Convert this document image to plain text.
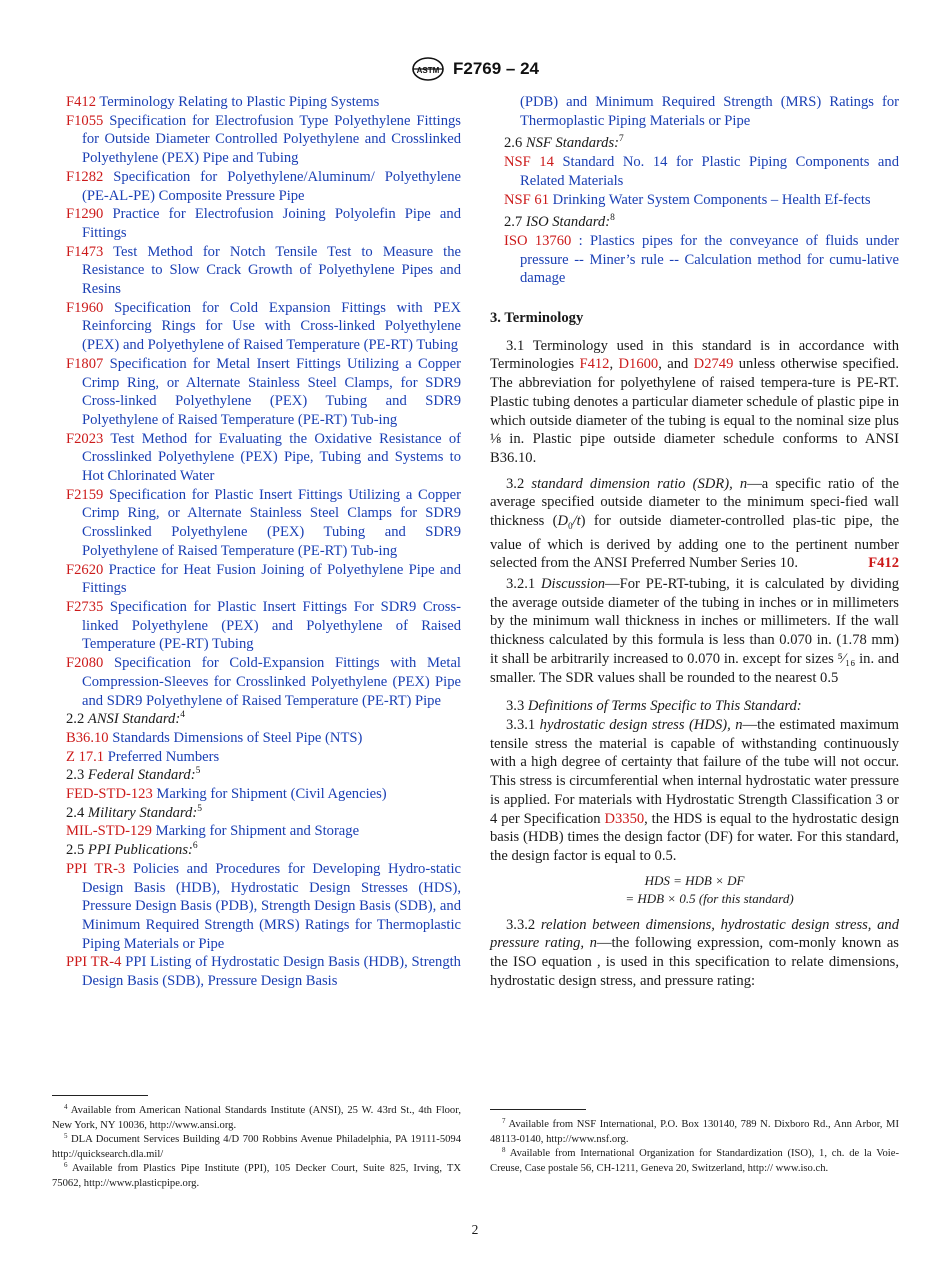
ASTM F2769 – 24

F412 Terminology Relating to Plastic Piping Systems

F1055 Specification for Electrofusion Type Polyethylene Fittings for Outside Diameter Controlled Polyethylene and Crosslinked Polyethylene (PEX) Pipe and Tubing

F1282 Specification for Polyethylene/Aluminum/ Polyethylene (PE-AL-PE) Composite Pressure Pipe

F1290 Practice for Electrofusion Joining Polyolefin Pipe and Fittings

F1473 Test Method for Notch Tensile Test to Measure the Resistance to Slow Crack Growth of Polyethylene Pipes and Resins

F1960 Specification for Cold Expansion Fittings with PEX Reinforcing Rings for Use with Cross-linked Polyethylene (PEX) and Polyethylene of Raised Temperature (PE-RT) Tubing

F1807 Specification for Metal Insert Fittings Utilizing a Copper Crimp Ring, or Alternate Stainless Steel Clamps, for SDR9 Cross-linked Polyethylene (PEX) Tubing and SDR9 Polyethylene of Raised Temperature (PE-RT) Tub-ing

F2023 Test Method for Evaluating the Oxidative Resistance of Crosslinked Polyethylene (PEX) Pipe, Tubing and Systems to Hot Chlorinated Water

F2159 Specification for Plastic Insert Fittings Utilizing a Copper Crimp Ring, or Alternate Stainless Steel Clamps for SDR9 Crosslinked Polyethylene (PEX) Tubing and SDR9 Polyethylene of Raised Temperature (PE-RT) Tub-ing

F2620 Practice for Heat Fusion Joining of Polyethylene Pipe and Fittings

F2735 Specification for Plastic Insert Fittings For SDR9 Cross-linked Polyethylene (PEX) and Polyethylene of Raised Temperature (PE-RT) Tubing

F2080 Specification for Cold-Expansion Fittings with Metal Compression-Sleeves for Crosslinked Polyethylene (PEX) Pipe and SDR9 Polyethylene of Raised Temperature (PE-RT) Pipe

2.2 ANSI Standard:$^4$

B36.10 Standards Dimensions of Steel Pipe (NTS)

Z 17.1 Preferred Numbers

2.3 Federal Standard:$^5$

FED-STD-123 Marking for Shipment (Civil Agencies)

2.4 Military Standard:$^5$

MIL-STD-129 Marking for Shipment and Storage

2.5 PPI Publications:$^6$

PPI TR-3 Policies and Procedures for Developing Hydro-static Design Basis (HDB), Hydrostatic Design Stresses (HDS), Pressure Design Basis (PDB), Strength Design Basis (SDB), and Minimum Required Strength (MRS) Ratings for Thermoplastic Piping Materials or Pipe

PPI TR-4 PPI Listing of Hydrostatic Design Basis (HDB), Strength Design Basis (SDB), Pressure Design Basis

(PDB) and Minimum Required Strength (MRS) Ratings for Thermoplastic Piping Materials or Pipe

2.6 NSF Standards:$^7$

NSF 14 Standard No. 14 for Plastic Piping Components and Related Materials

NSF 61 Drinking Water System Components – Health Ef-fects

2.7 ISO Standard:$^8$

ISO 13760 : Plastics pipes for the conveyance of fluids under pressure -- Miner’s rule -- Calculation method for cumu-lative damage

3. Terminology

3.1 Terminology used in this standard is in accordance with Terminologies F412, D1600, and D2749 unless otherwise specified. The abbreviation for polyethylene of raised tempera-ture is PE-RT. Plastic tubing denotes a particular diameter schedule of plastic pipe in which outside diameter of the tubing is equal to the nominal size plus ⅛ in. Plastic pipe outside diameter schedule conforms to ANSI B36.10.

3.2 standard dimension ratio (SDR), n—a specific ratio of the average specified outside diameter to the minimum speci-fied wall thickness $(D_0/t)$ for outside diameter-controlled plas-tic pipe, the value of which is derived by adding one to the pertinent number selected from the ANSI Preferred Number Series 10.	F412

3.2.1 Discussion—For PE-RT-tubing, it is calculated by dividing the average outside diameter of the tubing in inches or in millimeters by the minimum wall thickness in inches or millimeters. If the wall thickness calculated by this formula is less than 0.070 in. (1.78 mm) it shall be arbitrarily increased to 0.070 in. except for sizes ⁵⁄₁₆ in. and smaller. The SDR values shall be rounded to the nearest 0.5

3.3 Definitions of Terms Specific to This Standard:

3.3.1 hydrostatic design stress (HDS), n—the estimated maximum tensile stress the material is capable of withstanding continuously with a high degree of certainty that failure of the tube will not occur. This stress is circumferential when internal hydrostatic water pressure is applied. For materials with Hydrostatic Strength Classification 3 or 4 per Specification D3350, the HDS is equal to the hydrostatic design basis (HDB) times the design factor (DF) for water. For this standard, the design factor is equal to 0.5.

HDS = HDB × DF
= HDB × 0.5 (for this standard)

3.3.2 relation between dimensions, hydrostatic design stress, and pressure rating, n—the following expression, com-monly known as the ISO equation , is used in this specification to relate dimensions, hydrostatic design stress, and pressure rating:

$^4$ Available from American National Standards Institute (ANSI), 25 W. 43rd St., 4th Floor, New York, NY 10036, http://www.ansi.org.

$^5$ DLA Document Services Building 4/D 700 Robbins Avenue Philadelphia, PA 19111-5094 http://quicksearch.dla.mil/

$^6$ Available from Plastics Pipe Institute (PPI), 105 Decker Court, Suite 825, Irving, TX 75062, http://www.plasticpipe.org.

$^7$ Available from NSF International, P.O. Box 130140, 789 N. Dixboro Rd., Ann Arbor, MI 48113-0140, http://www.nsf.org.

$^8$ Available from International Organization for Standardization (ISO), 1, ch. de la Voie-Creuse, Case postale 56, CH-1211, Geneva 20, Switzerland, http:// www.iso.ch.

2
